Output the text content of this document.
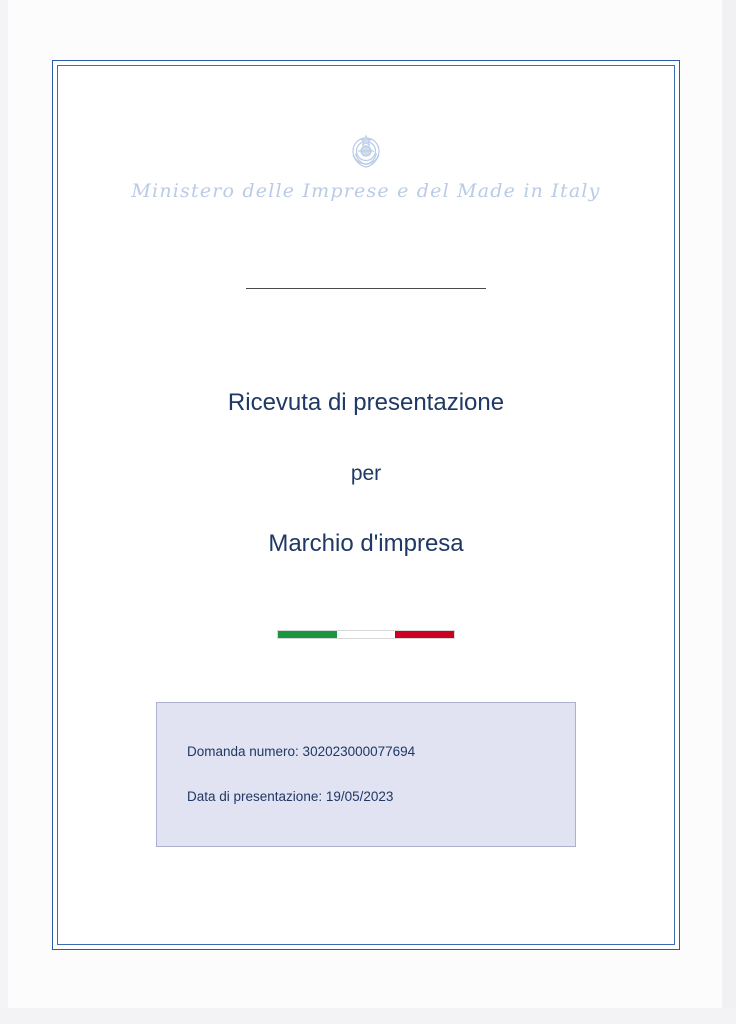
Ministero delle Imprese e del Made in Italy
Ricevuta di presentazione
per
Marchio d'impresa
Domanda numero: 302023000077694
Data di presentazione: 19/05/2023
